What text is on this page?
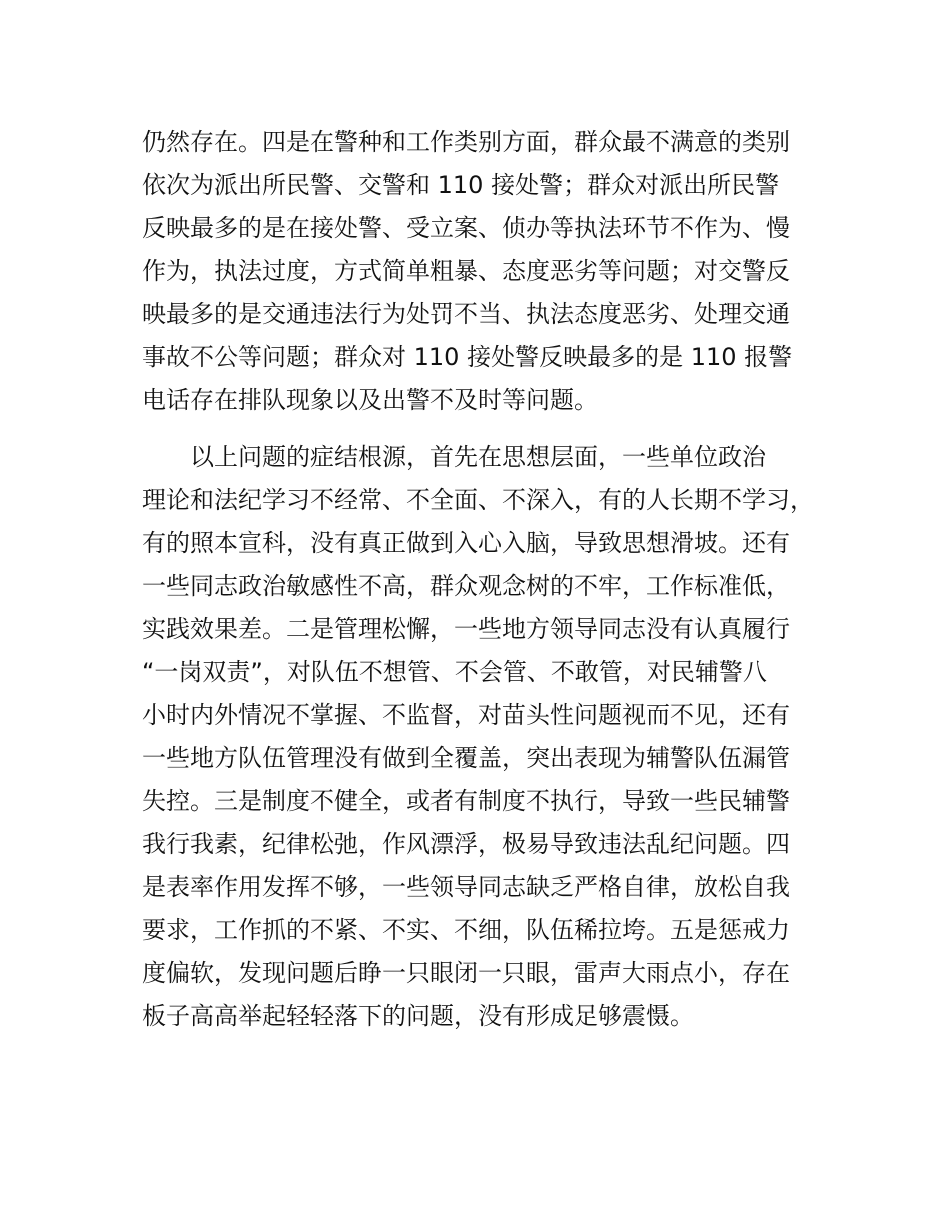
仍然存在。四是在警种和工作类别方面，群众最不满意的类别
依次为派出所民警、交警和 110 接处警；群众对派出所民警
反映最多的是在接处警、受立案、侦办等执法环节不作为、慢
作为，执法过度，方式简单粗暴、态度恶劣等问题；对交警反
映最多的是交通违法行为处罚不当、执法态度恶劣、处理交通
事故不公等问题；群众对 110 接处警反映最多的是 110 报警
电话存在排队现象以及出警不及时等问题。
以上问题的症结根源，首先在思想层面，一些单位政治
理论和法纪学习不经常、不全面、不深入，有的人长期不学习，
有的照本宣科，没有真正做到入心入脑，导致思想滑坡。还有
一些同志政治敏感性不高，群众观念树的不牢，工作标准低，
实践效果差。二是管理松懈，一些地方领导同志没有认真履行
“一岗双责”，对队伍不想管、不会管、不敢管，对民辅警八
小时内外情况不掌握、不监督，对苗头性问题视而不见，还有
一些地方队伍管理没有做到全覆盖，突出表现为辅警队伍漏管
失控。三是制度不健全，或者有制度不执行，导致一些民辅警
我行我素，纪律松弛，作风漂浮，极易导致违法乱纪问题。四
是表率作用发挥不够，一些领导同志缺乏严格自律，放松自我
要求，工作抓的不紧、不实、不细，队伍稀拉垮。五是惩戒力
度偏软，发现问题后睁一只眼闭一只眼，雷声大雨点小，存在
板子高高举起轻轻落下的问题，没有形成足够震慑。
